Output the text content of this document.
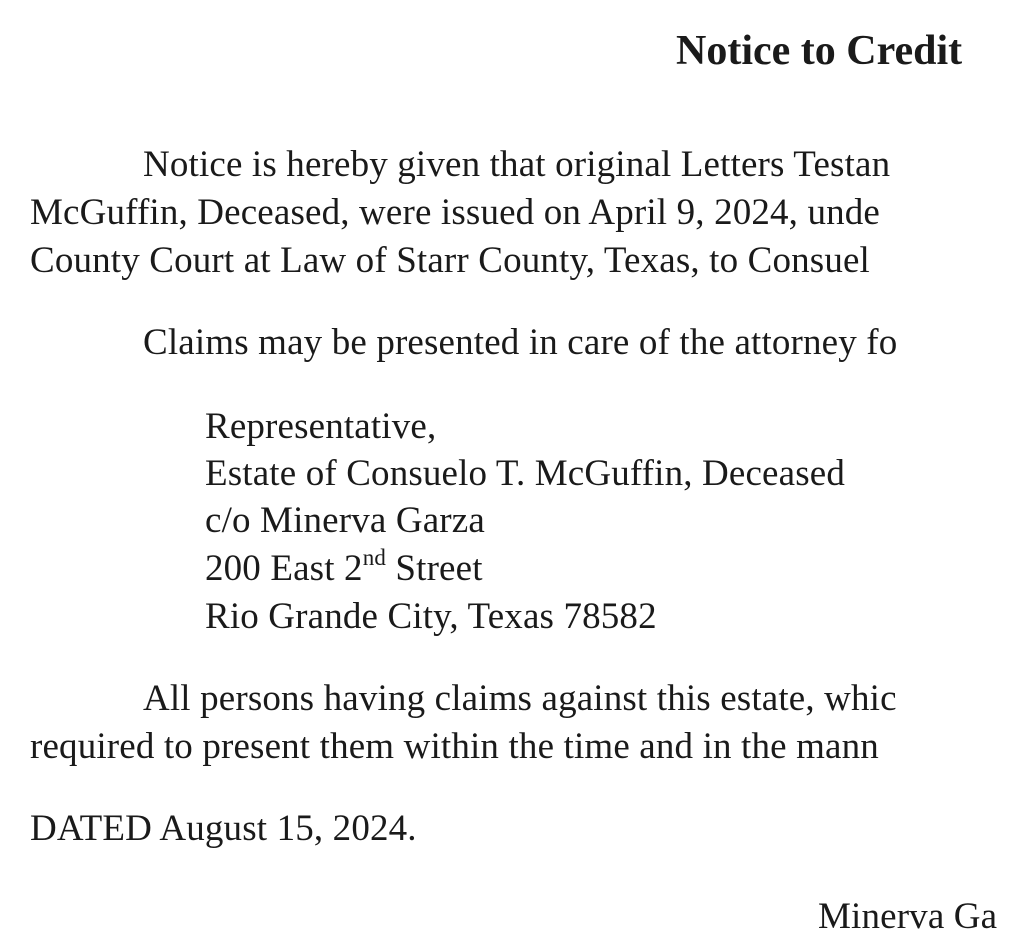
Notice to Credit
Notice is hereby given that original Letters Testan
McGuffin, Deceased, were issued on April 9, 2024, unde
County Court at Law of Starr County, Texas, to Consuel
Claims may be presented in care of the attorney fo
Representative,
Estate of Consuelo T. McGuffin, Deceased
c/o Minerva Garza
200 East 2nd Street
Rio Grande City, Texas 78582
All persons having claims against this estate, whic
required to present them within the time and in the mann
DATED August 15, 2024.
Minerva Ga
